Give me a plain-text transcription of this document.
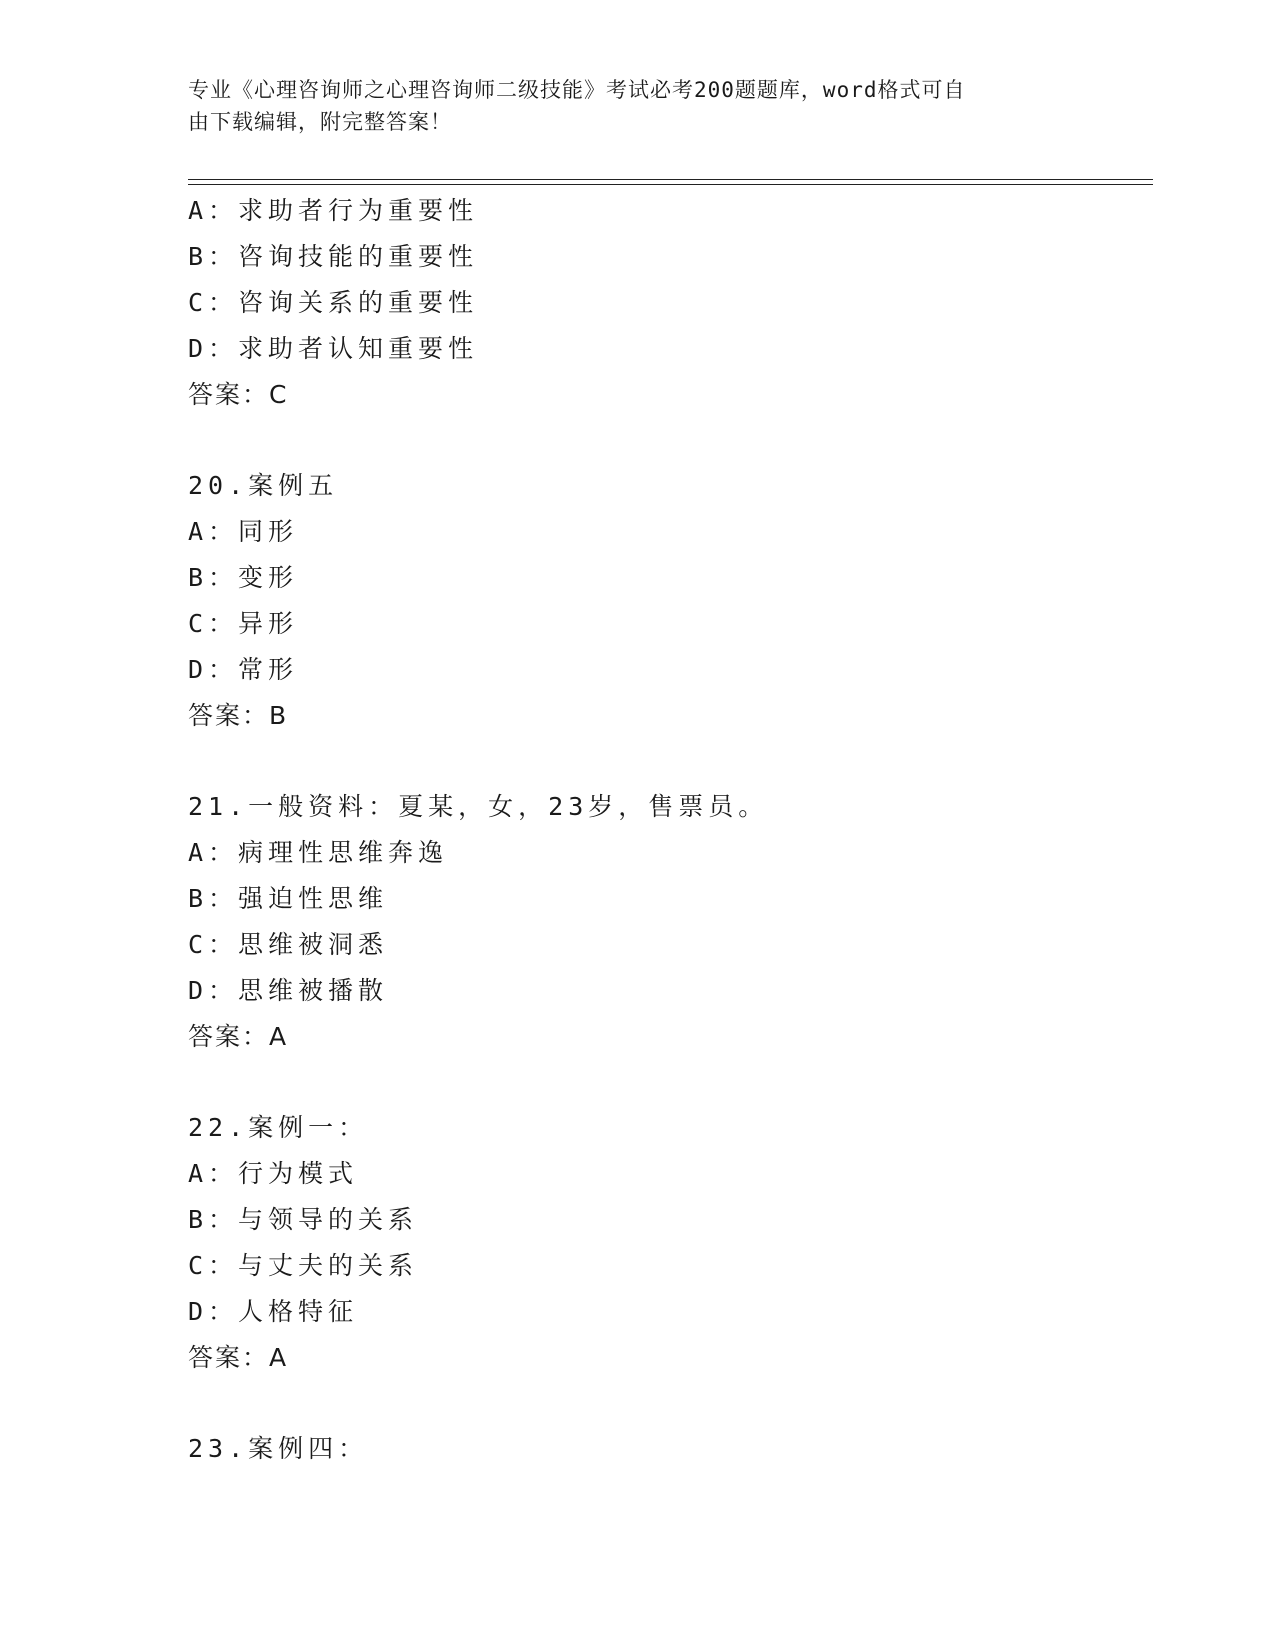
专业《心理咨询师之心理咨询师二级技能》考试必考200题题库，word格式可自
由下载编辑，附完整答案！
A：求助者行为重要性
B：咨询技能的重要性
C：咨询关系的重要性
D：求助者认知重要性
答案：C
20.案例五
A：同形
B：变形
C：异形
D：常形
答案：B
21.一般资料：夏某，女，23岁，售票员。
A：病理性思维奔逸
B：强迫性思维
C：思维被洞悉
D：思维被播散
答案：A
22.案例一：
A：行为模式
B：与领导的关系
C：与丈夫的关系
D：人格特征
答案：A
23.案例四：
